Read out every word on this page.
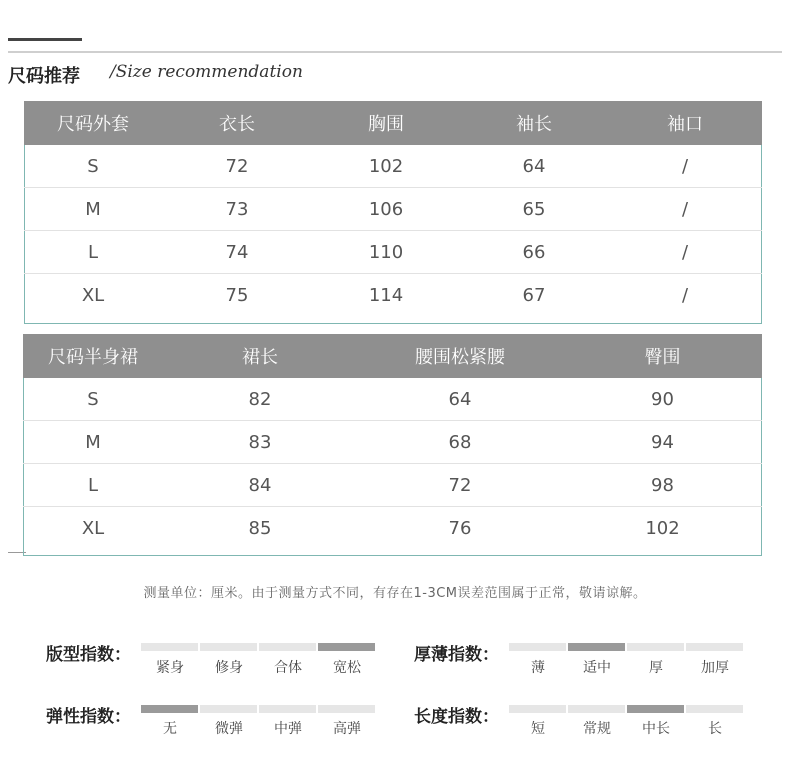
尺码推荐 /Size recommendation
尺码外套	衣长	胸围	袖长	袖口
S	72	102	64	/
M	73	106	65	/
L	74	110	66	/
XL	75	114	67	/
尺码半身裙	裙长	腰围松紧腰	臀围
S	82	64	90
M	83	68	94
L	84	72	98
XL	85	76	102
测量单位：厘米。由于测量方式不同，有存在1-3CM误差范围属于正常，敬请谅解。
版型指数：
紧身	修身	合体	宽松
厚薄指数：
薄	适中	厚	加厚
弹性指数：
无	微弹	中弹	高弹
长度指数：
短	常规	中长	长
